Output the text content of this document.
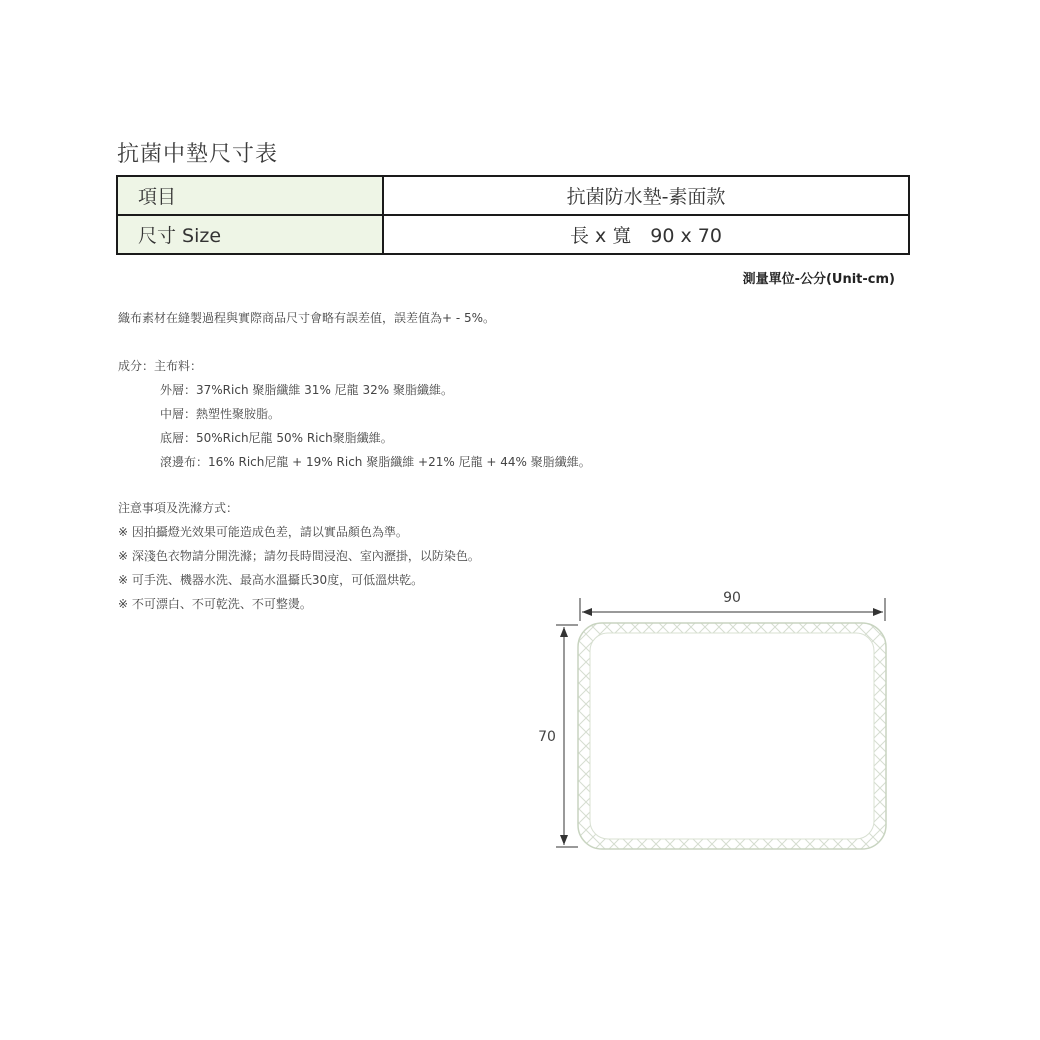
抗菌中墊尺寸表
項目	抗菌防水墊-素面款
尺寸 Size	長 x 寬　90 x 70
測量單位-公分(Unit-cm)
織布素材在縫製過程與實際商品尺寸會略有誤差值，誤差值為+ - 5%。
成分：主布料：
外層：37%Rich 聚脂纖維 31% 尼龍 32% 聚脂纖維。
中層：熱塑性聚胺脂。
底層：50%Rich尼龍 50% Rich聚脂纖維。
滾邊布：16% Rich尼龍 + 19% Rich 聚脂纖維 +21% 尼龍 + 44% 聚脂纖維。
注意事項及洗滌方式：
※ 因拍攝燈光效果可能造成色差，請以實品顏色為準。
※ 深淺色衣物請分開洗滌；請勿長時間浸泡、室內瀝掛，以防染色。
※ 可手洗、機器水洗、最高水溫攝氏30度，可低溫烘乾。
※ 不可漂白、不可乾洗、不可整燙。	90
70
